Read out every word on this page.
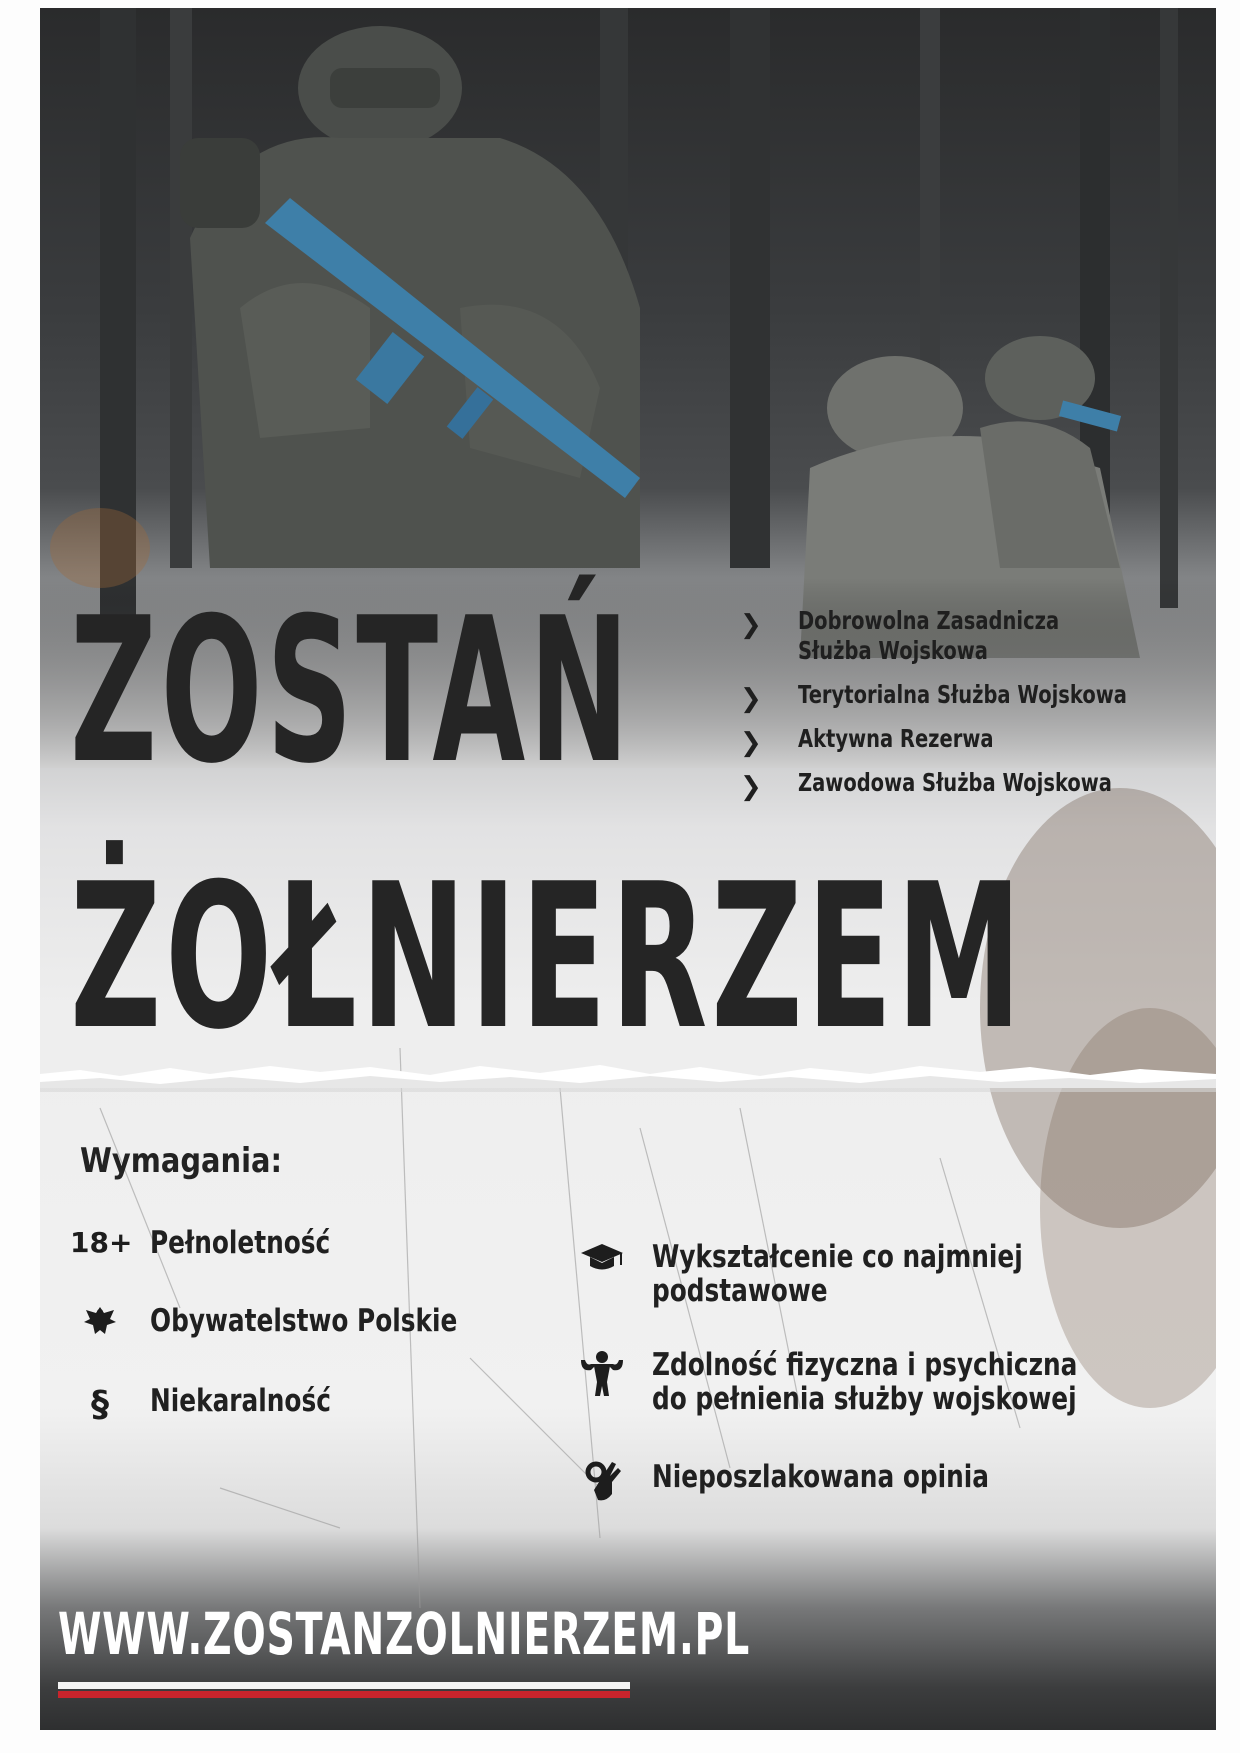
ZOSTAŃ
ŻOŁNIERZEM
❯ Dobrowolna Zasadnicza
Służba Wojskowa
❯ Terytorialna Służba Wojskowa
❯ Aktywna Rezerwa
❯ Zawodowa Służba Wojskowa
Wymagania:
18+ Pełnoletność
Obywatelstwo Polskie
§	Niekaralność
Wykształcenie co najmniej
podstawowe
Zdolność fizyczna i psychiczna
do pełnienia służby wojskowej
Nieposzlakowana opinia
WWW.ZOSTANZOLNIERZEM.PL
